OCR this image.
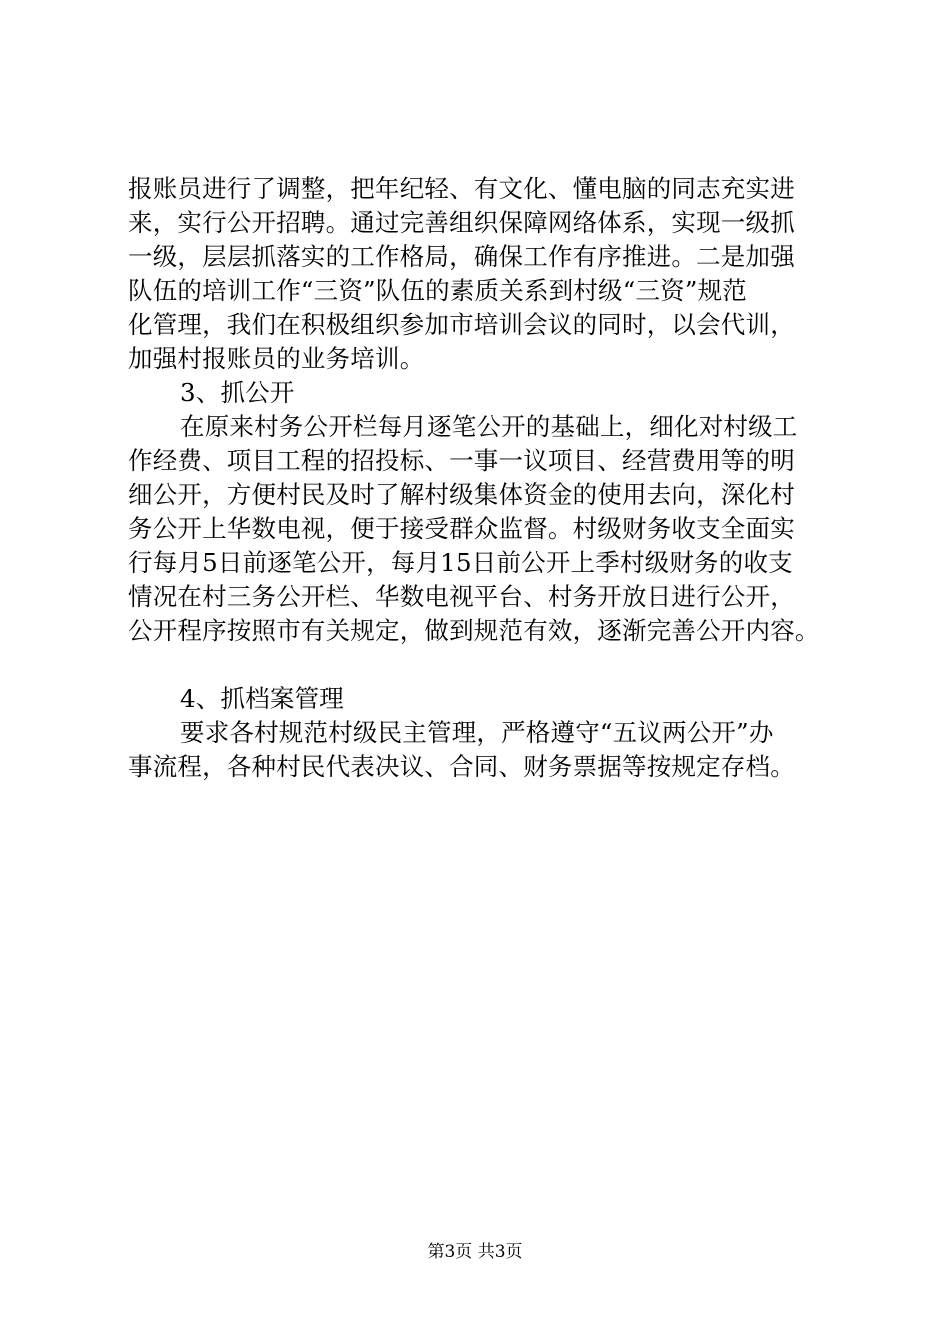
报账员进行了调整，把年纪轻、有文化、懂电脑的同志充实进
来，实行公开招聘。通过完善组织保障网络体系，实现一级抓
一级，层层抓落实的工作格局，确保工作有序推进。二是加强
队伍的培训工作“三资”队伍的素质关系到村级“三资”规范
化管理，我们在积极组织参加市培训会议的同时，以会代训，
加强村报账员的业务培训。
3、抓公开
在原来村务公开栏每月逐笔公开的基础上，细化对村级工
作经费、项目工程的招投标、一事一议项目、经营费用等的明
细公开，方便村民及时了解村级集体资金的使用去向，深化村
务公开上华数电视，便于接受群众监督。村级财务收支全面实
行每月5日前逐笔公开，每月15日前公开上季村级财务的收支
情况在村三务公开栏、华数电视平台、村务开放日进行公开，
公开程序按照市有关规定，做到规范有效，逐渐完善公开内容。
4、抓档案管理
要求各村规范村级民主管理，严格遵守“五议两公开”办
事流程，各种村民代表决议、合同、财务票据等按规定存档。
第3页 共3页
